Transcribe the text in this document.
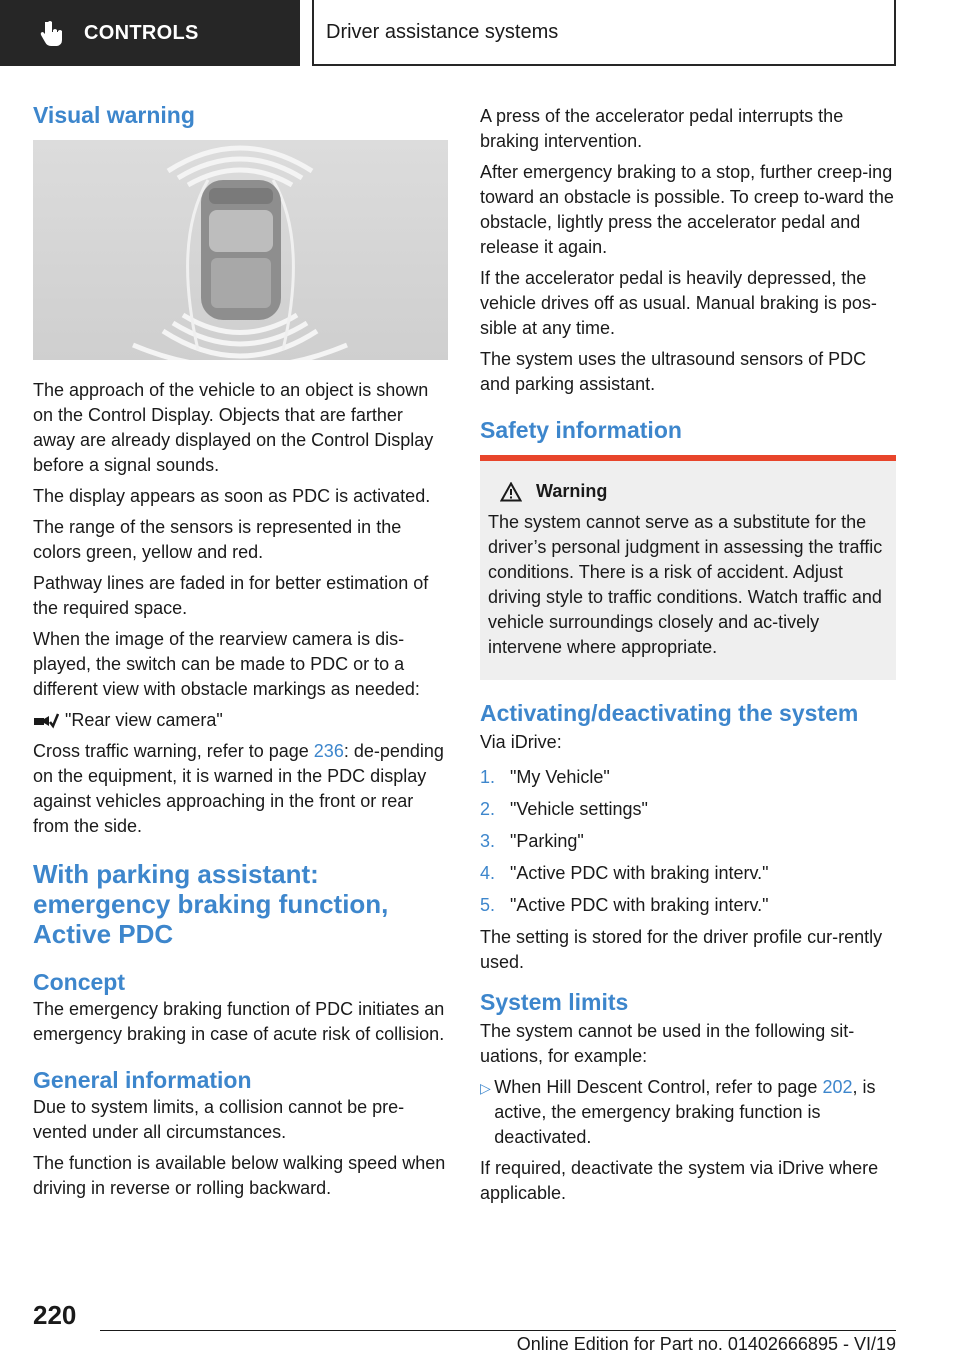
CONTROLS	Driver assistance systems
Visual warning

The approach of the vehicle to an object is shown on the Control Display. Objects that are farther away are already displayed on the Control Display before a signal sounds.

The display appears as soon as PDC is activated.

The range of the sensors is represented in the colors green, yellow and red.

Pathway lines are faded in for better estimation of the required space.

When the image of the rearview camera is dis‐played, the switch can be made to PDC or to a different view with obstacle markings as needed:

"Rear view camera"

Cross traffic warning, refer to page 236: de‐pending on the equipment, it is warned in the PDC display against vehicles approaching in the front or rear from the side.

With parking assistant: emergency braking function, Active PDC
Concept

The emergency braking function of PDC initiates an emergency braking in case of acute risk of collision.

General information

Due to system limits, a collision cannot be pre‐vented under all circumstances.

The function is available below walking speed when driving in reverse or rolling backward.

A press of the accelerator pedal interrupts the braking intervention.

After emergency braking to a stop, further creep‐ing toward an obstacle is possible. To creep to‐ward the obstacle, lightly press the accelerator pedal and release it again.

If the accelerator pedal is heavily depressed, the vehicle drives off as usual. Manual braking is pos‐sible at any time.

The system uses the ultrasound sensors of PDC and parking assistant.

Safety information
Warning

The system cannot serve as a substitute for the driver’s personal judgment in assessing the traffic conditions. There is a risk of accident. Adjust driving style to traffic conditions. Watch traffic and vehicle surroundings closely and ac‐tively intervene where appropriate.

Activating/deactivating the system

Via iDrive:

1. "My Vehicle"
2. "Vehicle settings"
3. "Parking"
4. "Active PDC with braking interv."
5. "Active PDC with braking interv."

The setting is stored for the driver profile cur‐rently used.

System limits

The system cannot be used in the following sit‐uations, for example:

▷ When Hill Descent Control, refer to page 202, is active, the emergency braking function is deactivated.

If required, deactivate the system via iDrive where applicable.

220
Online Edition for Part no. 01402666895 - VI/19
